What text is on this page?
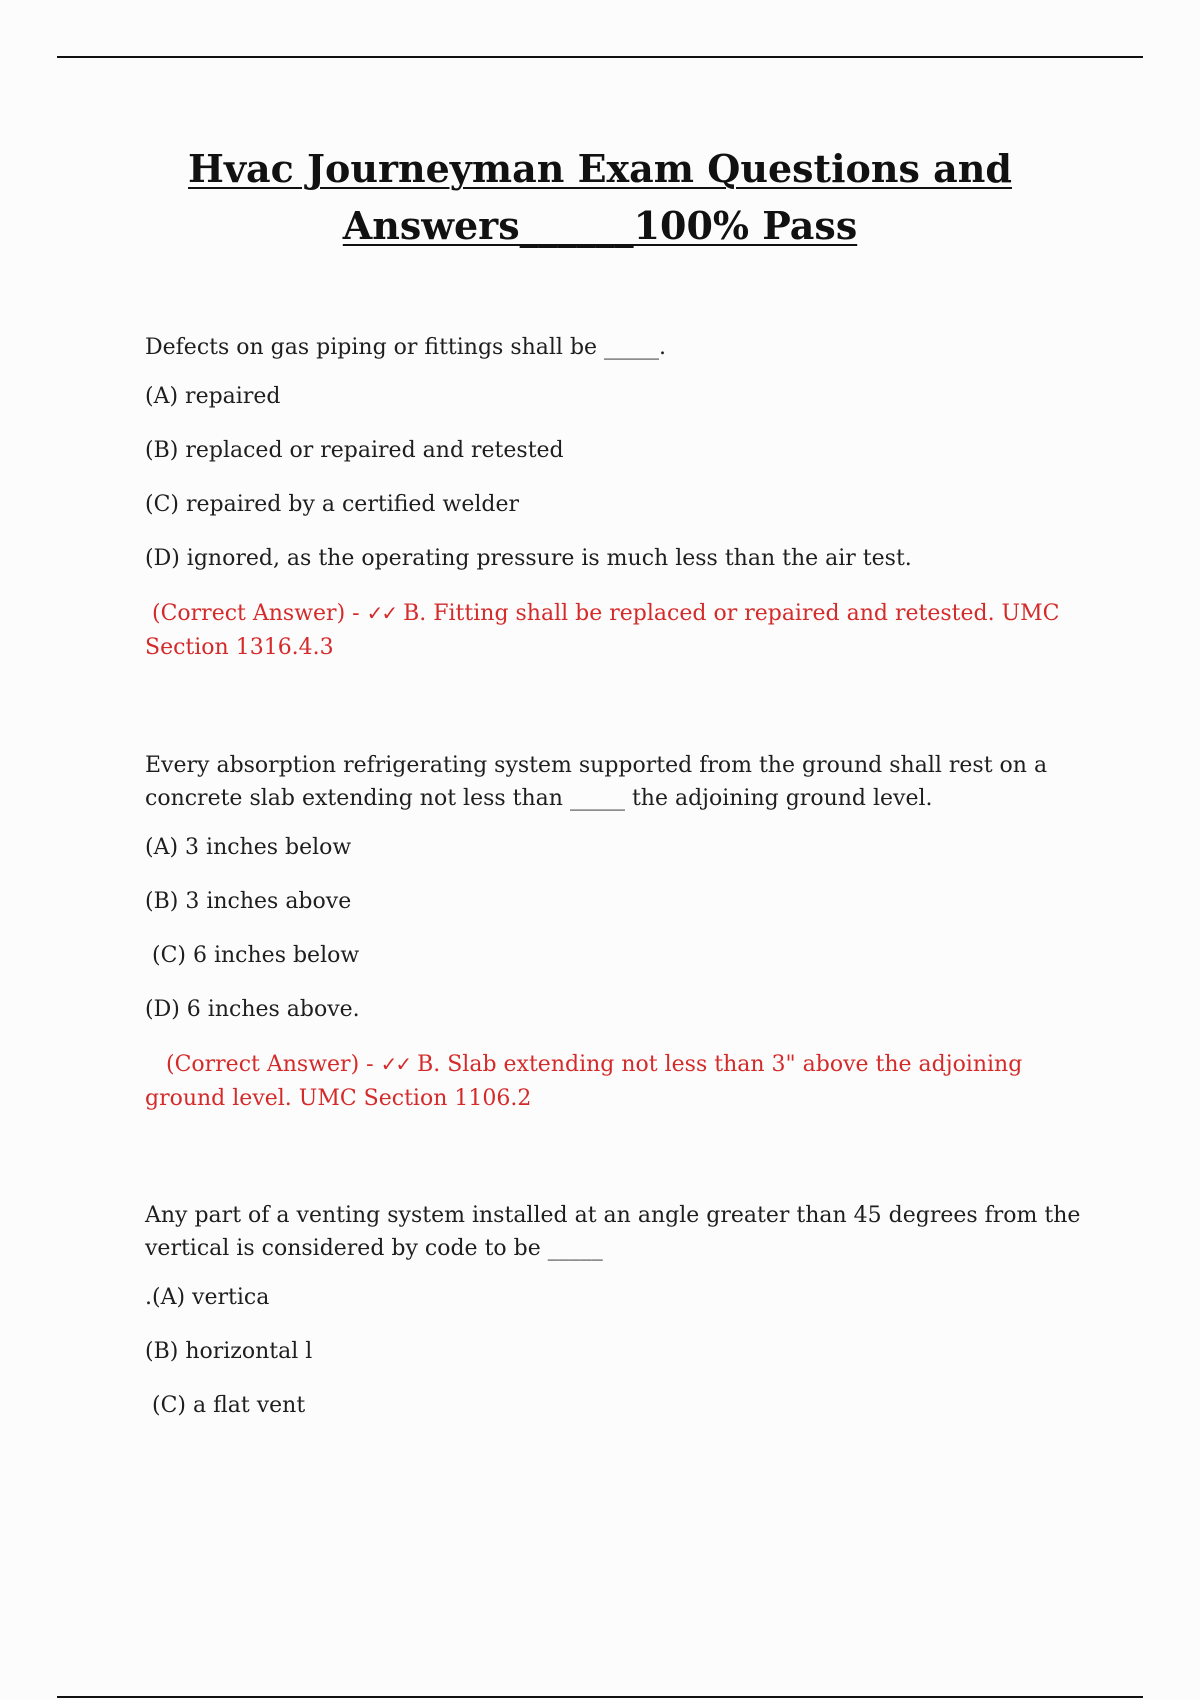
Hvac Journeyman Exam Questions and
Answers______100% Pass
Defects on gas piping or fittings shall be _____.
(A) repaired
(B) replaced or repaired and retested
(C) repaired by a certified welder
(D) ignored, as the operating pressure is much less than the air test.
(Correct Answer) - ✓✓ B. Fitting shall be replaced or repaired and retested. UMC Section 1316.4.3
Every absorption refrigerating system supported from the ground shall rest on a concrete slab extending not less than _____ the adjoining ground level.
(A) 3 inches below
(B) 3 inches above
(C) 6 inches below
(D) 6 inches above.
(Correct Answer) - ✓✓ B. Slab extending not less than 3" above the adjoining ground level. UMC Section 1106.2
Any part of a venting system installed at an angle greater than 45 degrees from the vertical is considered by code to be _____
.(A) vertica
(B) horizontal l
(C) a flat vent
